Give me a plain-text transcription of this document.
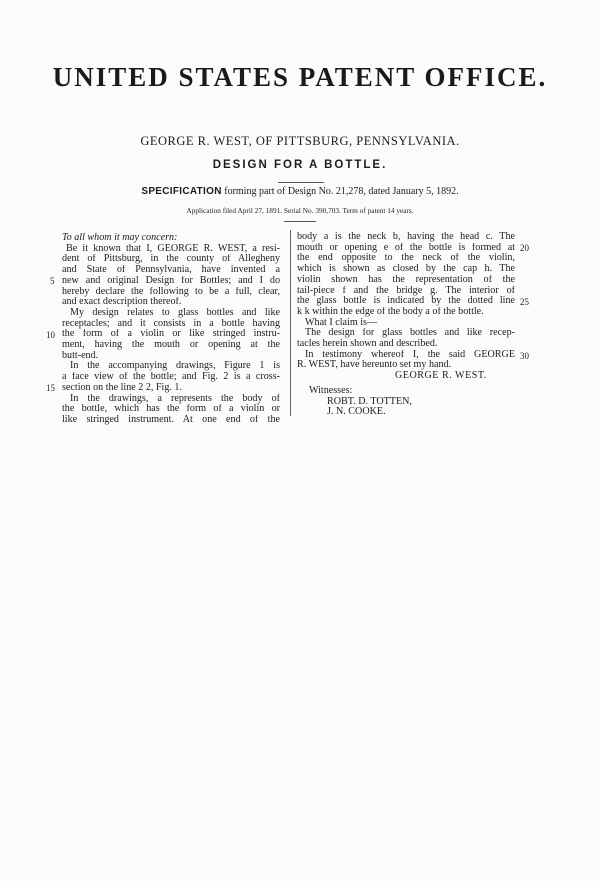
UNITED STATES PATENT OFFICE.
GEORGE R. WEST, OF PITTSBURG, PENNSYLVANIA.
DESIGN FOR A BOTTLE.
SPECIFICATION forming part of Design No. 21,278, dated January 5, 1892.
Application filed April 27, 1891. Serial No. 390,703. Term of patent 14 years.
To all whom it may concern:
Be it known that I, GEORGE R. WEST, a resi-
dent of Pittsburg, in the county of Allegheny
and State of Pennsylvania, have invented a
new and original Design for Bottles; and I do
hereby declare the following to be a full, clear,
and exact description thereof.
My design relates to glass bottles and like
receptacles; and it consists in a bottle having
the form of a violin or like stringed instru-
ment, having the mouth or opening at the
butt-end.
In the accompanying drawings, Figure 1 is
a face view of the bottle; and Fig. 2 is a cross-
section on the line 2 2, Fig. 1.
In the drawings, a represents the body of
the bottle, which has the form of a violin or
like stringed instrument. At one end of the
body a is the neck b, having the head c. The
mouth or opening e of the bottle is formed at
the end opposite to the neck of the violin,
which is shown as closed by the cap h. The
violin shown has the representation of the
tail-piece f and the bridge g. The interior of
the glass bottle is indicated by the dotted line
k k within the edge of the body a of the bottle.
What I claim is—
The design for glass bottles and like recep-
tacles herein shown and described.
In testimony whereof I, the said GEORGE
R. WEST, have hereunto set my hand.
GEORGE R. WEST.
Witnesses:
ROBT. D. TOTTEN,
J. N. COOKE.
5
10
15
20
25
30
